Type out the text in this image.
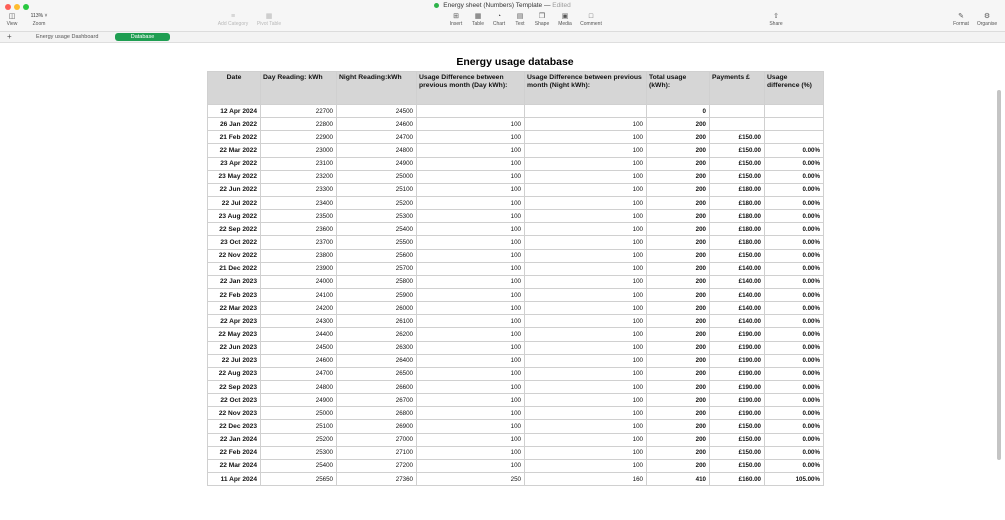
Energy sheet (Numbers) Template — Edited
◫
View
113% ˅
Zoom
≡
Add Category
▦
Pivot Table
⊞
Insert
▦
Table
◔
Chart
▤
Text
❒
Shape
▣
Media
□
Comment
⇧
Share
✎
Format
⚙
Organise
+	Energy usage Dashboard	Database
Energy usage database
Date	Day Reading: kWh	Night Reading:kWh	Usage Difference between previous month (Day kWh):	Usage Difference between previous month (Night kWh):	Total usage (kWh):	Payments £	Usage difference (%)
12 Apr 2024	22700	24500			0		
26 Jan 2022	22800	24600	100	100	200		
21 Feb 2022	22900	24700	100	100	200	£150.00	
22 Mar 2022	23000	24800	100	100	200	£150.00	0.00%
23 Apr 2022	23100	24900	100	100	200	£150.00	0.00%
23 May 2022	23200	25000	100	100	200	£150.00	0.00%
22 Jun 2022	23300	25100	100	100	200	£180.00	0.00%
22 Jul 2022	23400	25200	100	100	200	£180.00	0.00%
23 Aug 2022	23500	25300	100	100	200	£180.00	0.00%
22 Sep 2022	23600	25400	100	100	200	£180.00	0.00%
23 Oct 2022	23700	25500	100	100	200	£180.00	0.00%
22 Nov 2022	23800	25600	100	100	200	£150.00	0.00%
21 Dec 2022	23900	25700	100	100	200	£140.00	0.00%
22 Jan 2023	24000	25800	100	100	200	£140.00	0.00%
22 Feb 2023	24100	25900	100	100	200	£140.00	0.00%
22 Mar 2023	24200	26000	100	100	200	£140.00	0.00%
22 Apr 2023	24300	26100	100	100	200	£140.00	0.00%
22 May 2023	24400	26200	100	100	200	£190.00	0.00%
22 Jun 2023	24500	26300	100	100	200	£190.00	0.00%
22 Jul 2023	24600	26400	100	100	200	£190.00	0.00%
22 Aug 2023	24700	26500	100	100	200	£190.00	0.00%
22 Sep 2023	24800	26600	100	100	200	£190.00	0.00%
22 Oct 2023	24900	26700	100	100	200	£190.00	0.00%
22 Nov 2023	25000	26800	100	100	200	£190.00	0.00%
22 Dec 2023	25100	26900	100	100	200	£150.00	0.00%
22 Jan 2024	25200	27000	100	100	200	£150.00	0.00%
22 Feb 2024	25300	27100	100	100	200	£150.00	0.00%
22 Mar 2024	25400	27200	100	100	200	£150.00	0.00%
11 Apr 2024	25650	27360	250	160	410	£160.00	105.00%
